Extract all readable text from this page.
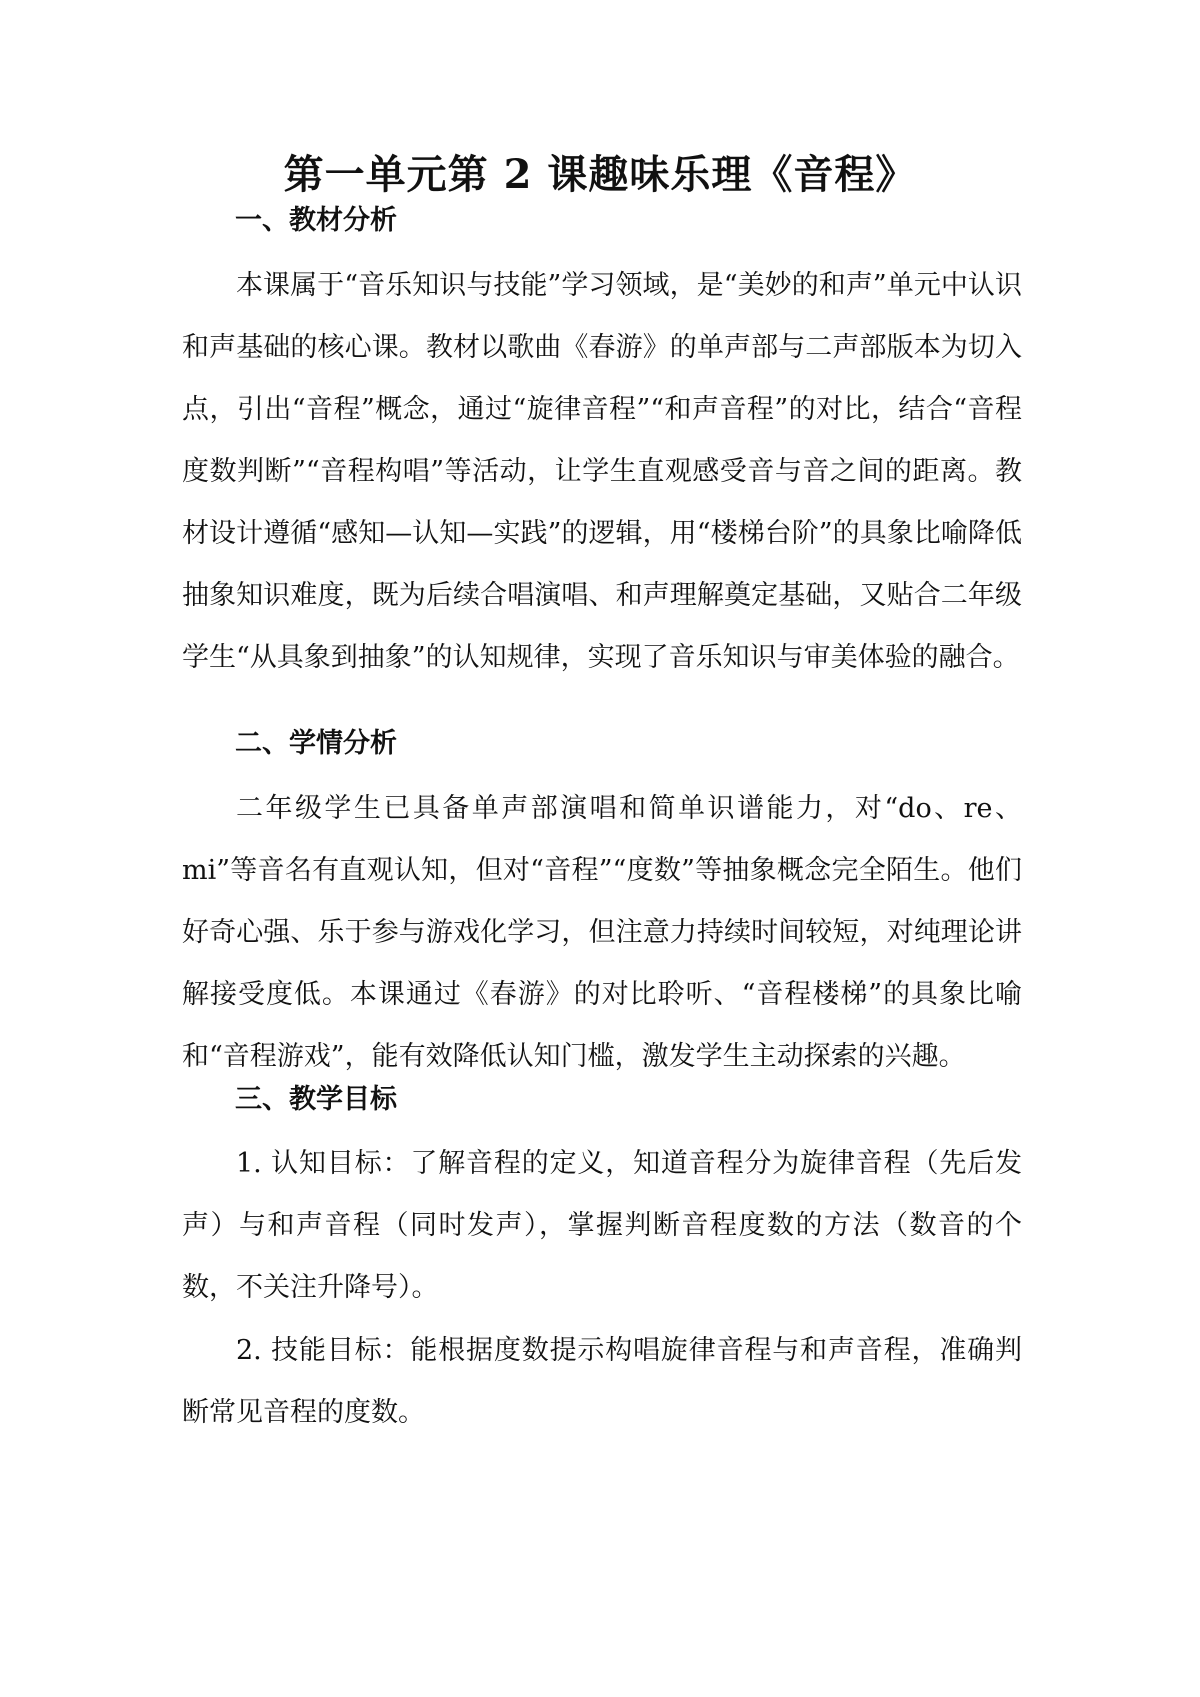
第一单元第 2 课趣味乐理《音程》
一、教材分析

本课属于“音乐知识与技能”学习领域，是“美妙的和声”单元中认识和声基础的核心课。教材以歌曲《春游》的单声部与二声部版本为切入点，引出“音程”概念，通过“旋律音程”“和声音程”的对比，结合“音程度数判断”“音程构唱”等活动，让学生直观感受音与音之间的距离。教材设计遵循“感知—认知—实践”的逻辑，用“楼梯台阶”的具象比喻降低抽象知识难度，既为后续合唱演唱、和声理解奠定基础，又贴合二年级学生“从具象到抽象”的认知规律，实现了音乐知识与审美体验的融合。

二、学情分析

二年级学生已具备单声部演唱和简单识谱能力，对“do、re、mi”等音名有直观认知，但对“音程”“度数”等抽象概念完全陌生。他们好奇心强、乐于参与游戏化学习，但注意力持续时间较短，对纯理论讲解接受度低。本课通过《春游》的对比聆听、“音程楼梯”的具象比喻和“音程游戏”，能有效降低认知门槛，激发学生主动探索的兴趣。

三、教学目标

1. 认知目标：了解音程的定义，知道音程分为旋律音程（先后发声）与和声音程（同时发声），掌握判断音程度数的方法（数音的个数，不关注升降号）。

2. 技能目标：能根据度数提示构唱旋律音程与和声音程，准确判断常见音程的度数。
